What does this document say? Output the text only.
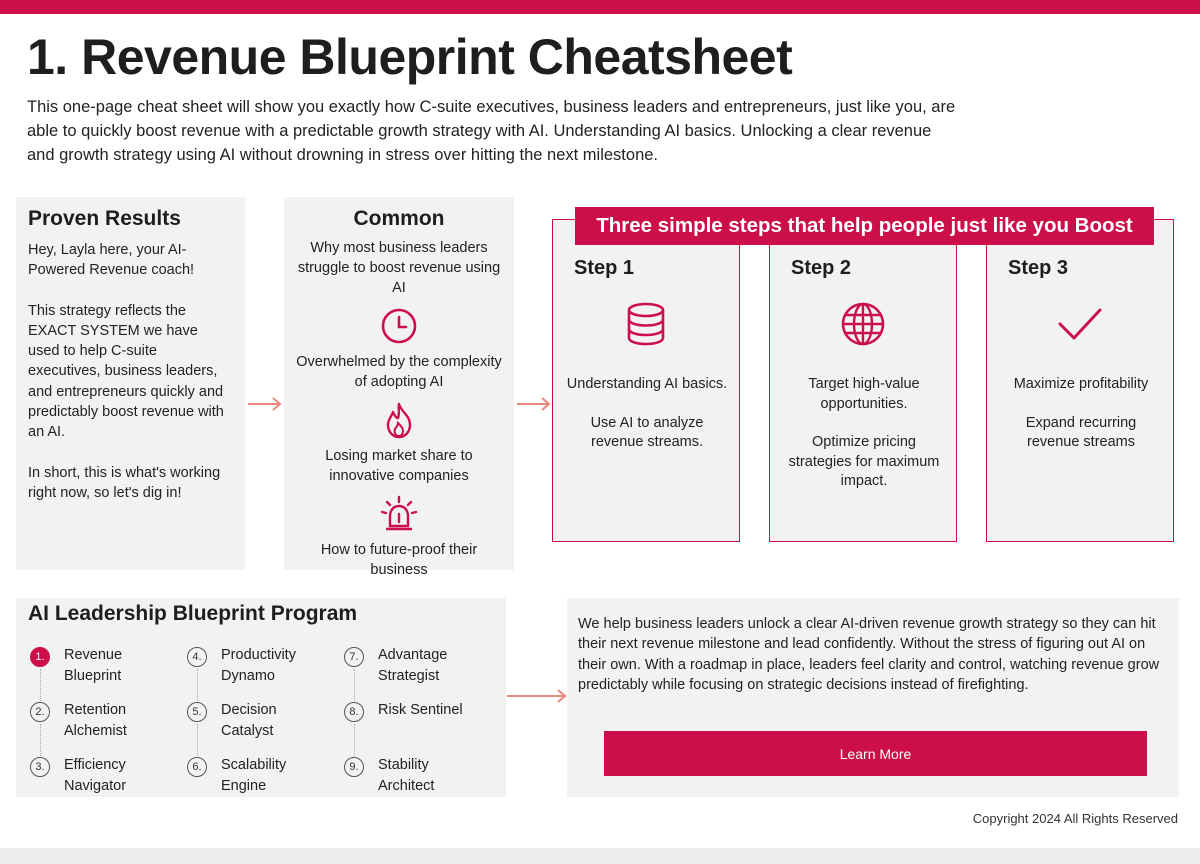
1. Revenue Blueprint Cheatsheet

This one-page cheat sheet will show you exactly how C-suite executives, business leaders and entrepreneurs, just like you, are able to quickly boost revenue with a predictable growth strategy with AI. Understanding AI basics. Unlocking a clear revenue and growth strategy using AI without drowning in stress over hitting the next milestone.

Proven Results

Hey, Layla here, your AI-Powered Revenue coach!

This strategy reflects the EXACT SYSTEM we have used to help C-suite executives, business leaders, and entrepreneurs quickly and predictably boost revenue with an AI.

In short, this is what's working right now, so let's dig in!

Common

Why most business leaders struggle to boost revenue using AI

Overwhelmed by the complexity of adopting AI

Losing market share to innovative companies

How to future-proof their business

Three simple steps that help people just like you Boost
Step 1

Understanding AI basics.

Use AI to analyze revenue streams.

Step 2

Target high-value opportunities.

Optimize pricing strategies for maximum impact.

Step 3

Maximize profitability

Expand recurring revenue streams

AI Leadership Blueprint Program
1.	Revenue Blueprint
2.	Retention Alchemist
3.	Efficiency Navigator
4.	Productivity Dynamo
5.	Decision Catalyst
6.	Scalability Engine
7.	Advantage Strategist
8.	Risk Sentinel
9.	Stability Architect

We help business leaders unlock a clear AI-driven revenue growth strategy so they can hit their next revenue milestone and lead confidently. Without the stress of figuring out AI on their own. With a roadmap in place, leaders feel clarity and control, watching revenue grow predictably while focusing on strategic decisions instead of firefighting.

Learn More
Copyright 2024 All Rights Reserved
